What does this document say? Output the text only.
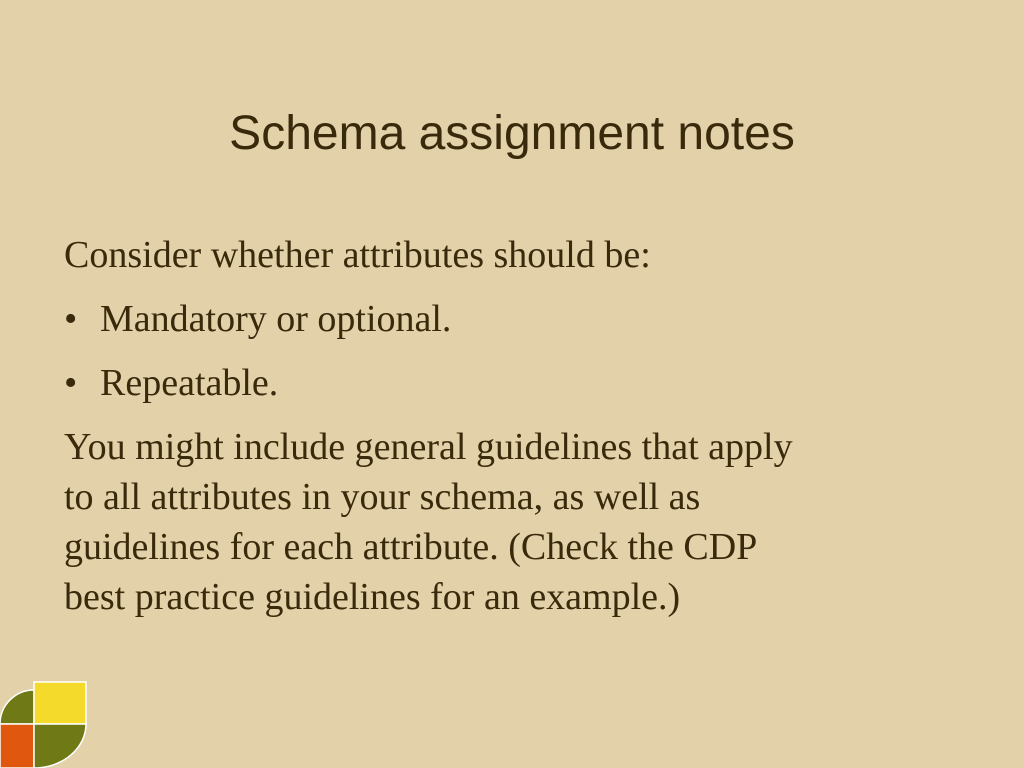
Schema assignment notes

Consider whether attributes should be:

• Mandatory or optional.

• Repeatable.

You might include general guidelines that apply

to all attributes in your schema, as well as

guidelines for each attribute. (Check the CDP

best practice guidelines for an example.)
